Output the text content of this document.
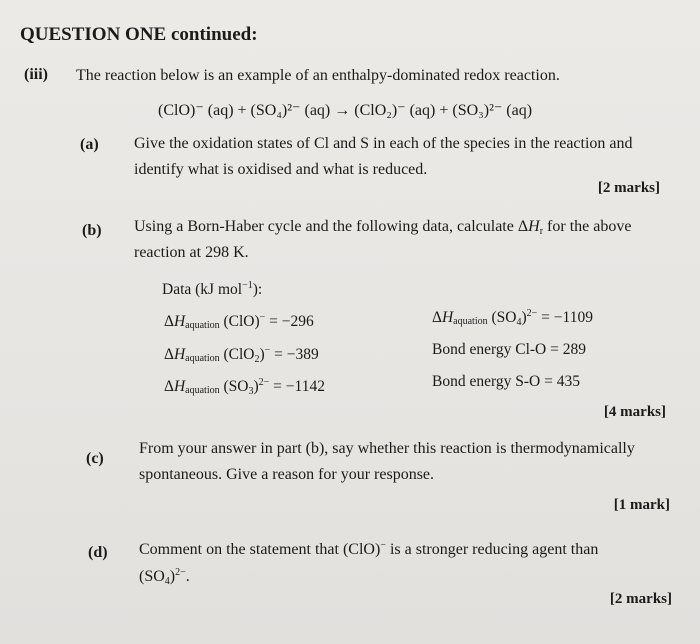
QUESTION ONE continued:
(iii) The reaction below is an example of an enthalpy-dominated redox reaction.
(ClO)⁻ (aq) + (SO₄)²⁻ (aq) → (ClO₂)⁻ (aq) + (SO₃)²⁻ (aq)
(a) Give the oxidation states of Cl and S in each of the species in the reaction and
identify what is oxidised and what is reduced.
[2 marks]
(b) Using a Born-Haber cycle and the following data, calculate $\Delta H_r$ for the above
reaction at 298 K.
Data (kJ mol$^{-1}$):
$\Delta H_{aquation}$ (ClO)− = −296
$\Delta H_{aquation}$ (ClO$_2$)− = −389
$\Delta H_{aquation}$ $(SO_3)^{2-} = -1142$
$\Delta H_{aquation}$ $(SO_4)^{2-} = -1109$
Bond energy Cl-O = 289
Bond energy S-O = 435
[4 marks]
(c)
From your answer in part (b), say whether this reaction is thermodynamically
spontaneous. Give a reason for your response.
[1 mark]
(d) Comment on the statement that (ClO)− is a stronger reducing agent than
$(SO_4)^{2-}$.
[2 marks]
